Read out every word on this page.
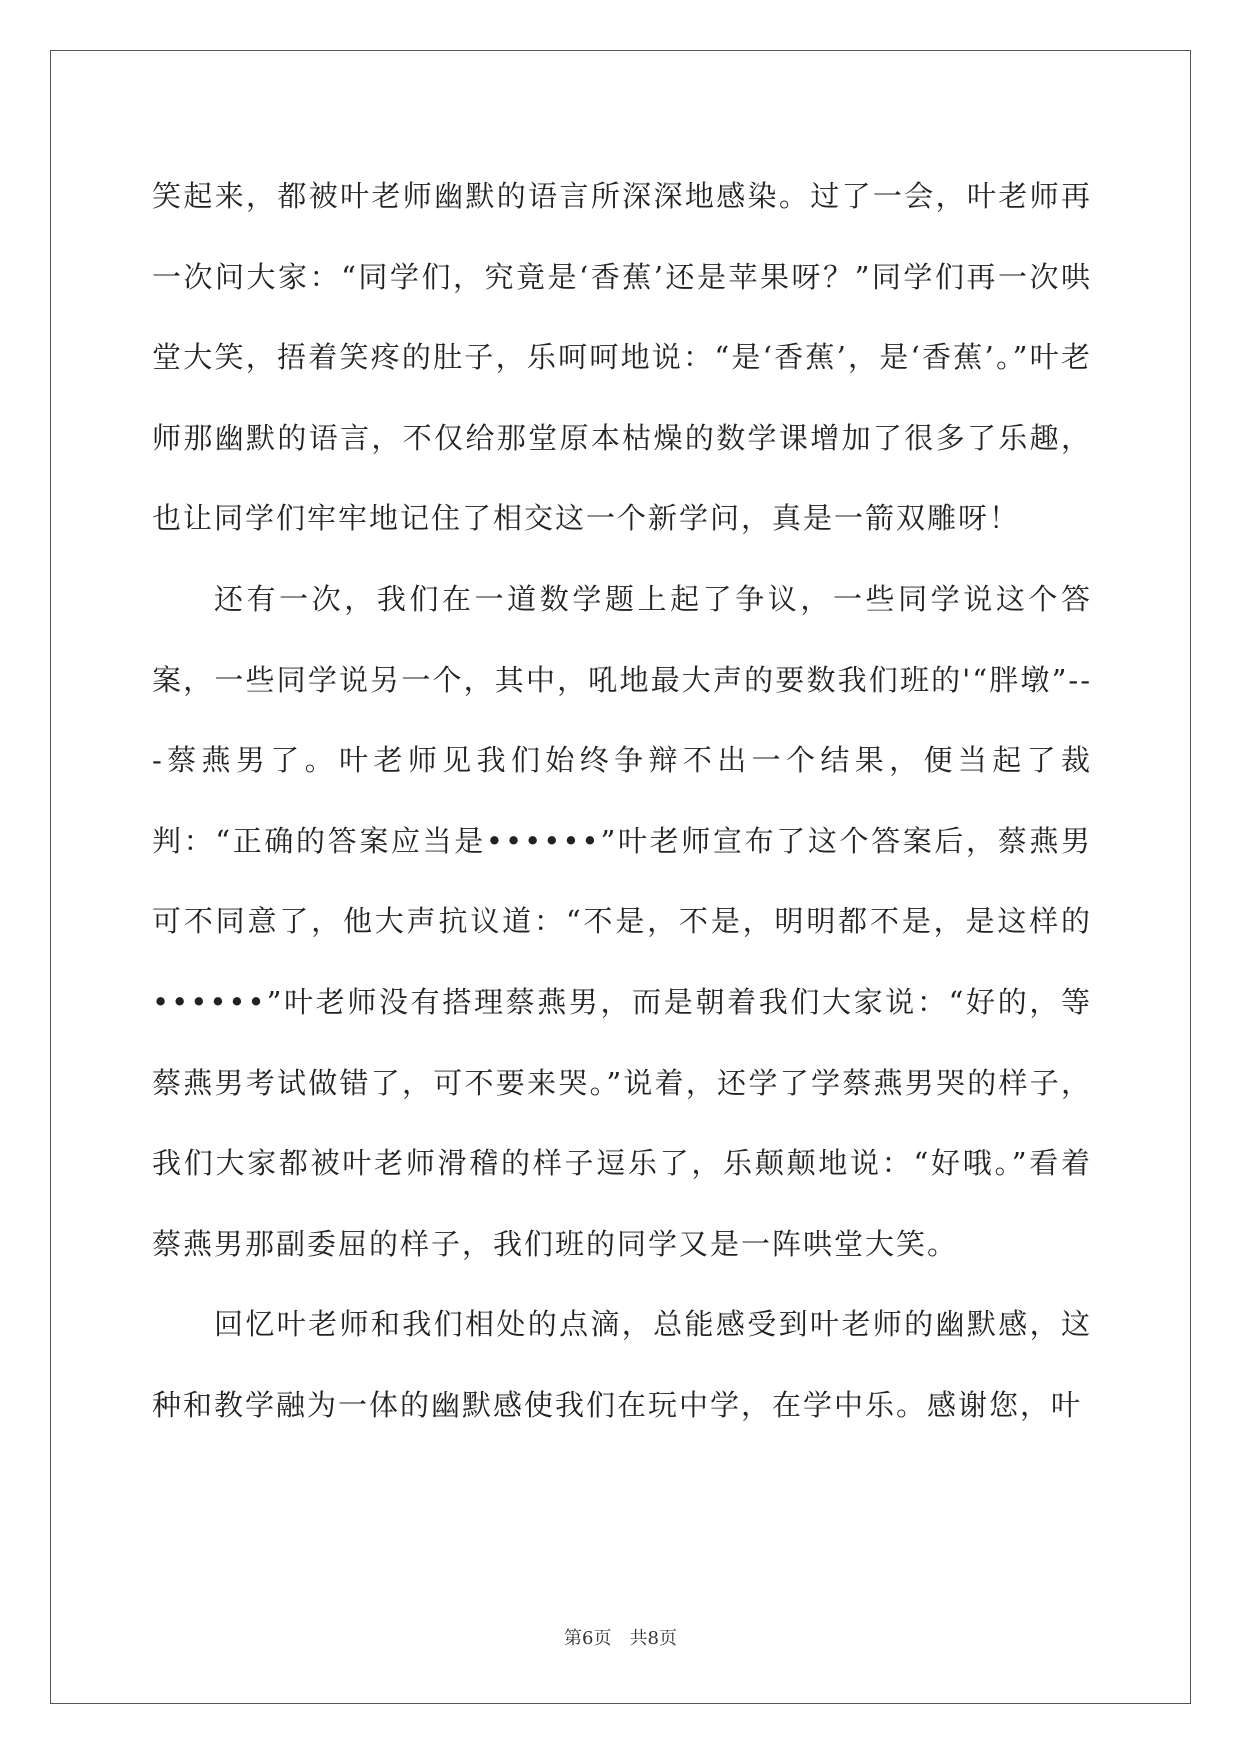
笑起来，都被叶老师幽默的语言所深深地感染。过了一会，叶老师再一次问大家：“同学们，究竟是‘香蕉’还是苹果呀？”同学们再一次哄堂大笑，捂着笑疼的肚子，乐呵呵地说：“是‘香蕉’，是‘香蕉’。”叶老师那幽默的语言，不仅给那堂原本枯燥的数学课增加了很多了乐趣，也让同学们牢牢地记住了相交这一个新学问，真是一箭双雕呀！

还有一次，我们在一道数学题上起了争议，一些同学说这个答案，一些同学说另一个，其中，吼地最大声的要数我们班的'“胖墩”---蔡燕男了。叶老师见我们始终争辩不出一个结果，便当起了裁判：“正确的答案应当是••••••”叶老师宣布了这个答案后，蔡燕男可不同意了，他大声抗议道：“不是，不是，明明都不是，是这样的••••••”叶老师没有搭理蔡燕男，而是朝着我们大家说：“好的，等蔡燕男考试做错了，可不要来哭。”说着，还学了学蔡燕男哭的样子，我们大家都被叶老师滑稽的样子逗乐了，乐颠颠地说：“好哦。”看着蔡燕男那副委屈的样子，我们班的同学又是一阵哄堂大笑。

回忆叶老师和我们相处的点滴，总能感受到叶老师的幽默感，这种和教学融为一体的幽默感使我们在玩中学，在学中乐。感谢您，叶

第6页　共8页
